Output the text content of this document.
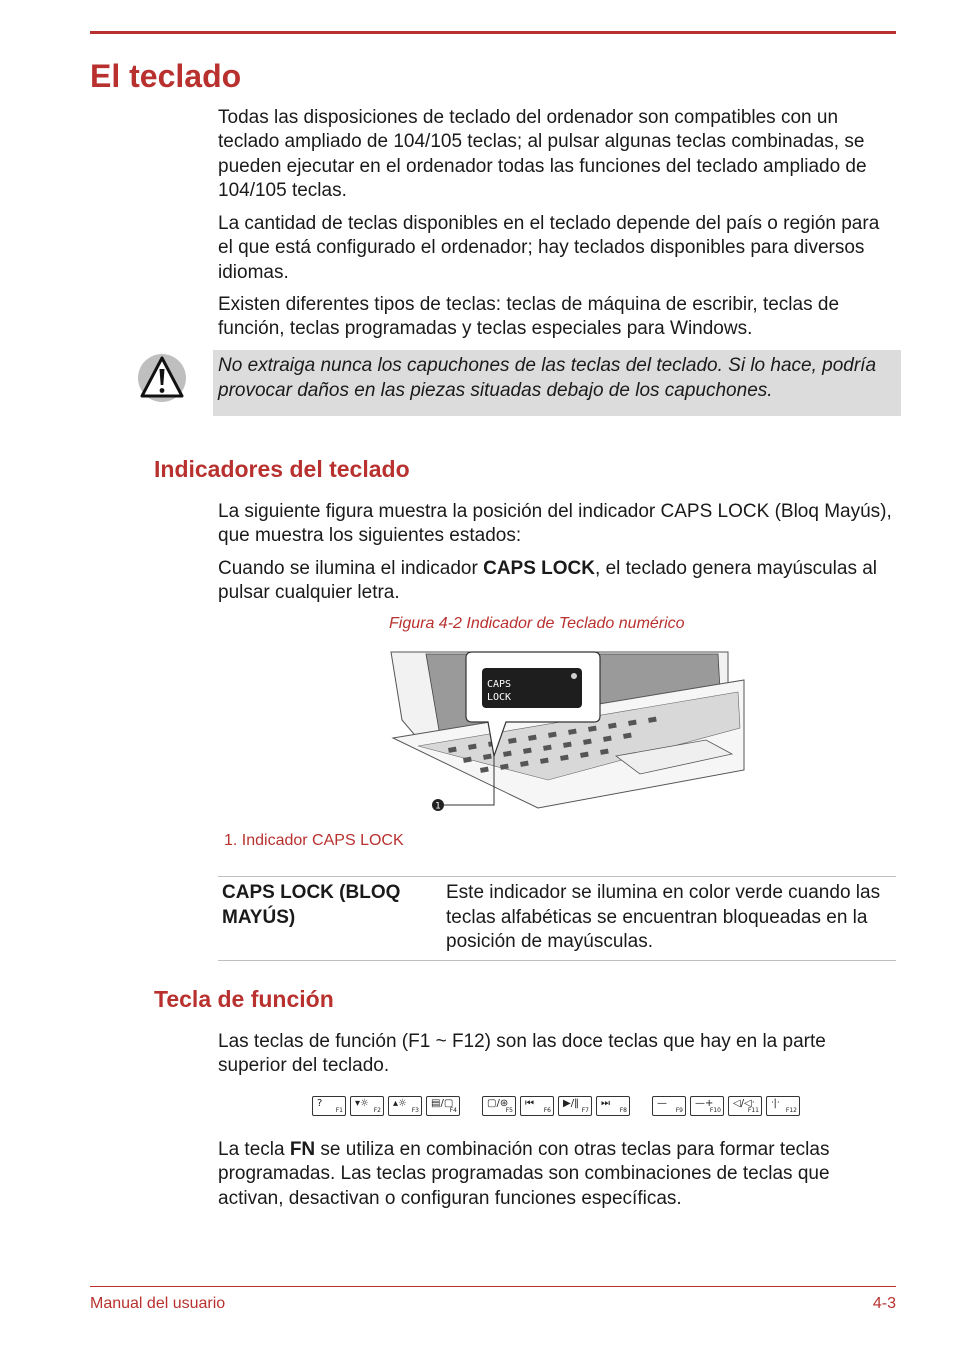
El teclado

Todas las disposiciones de teclado del ordenador son compatibles con un teclado ampliado de 104/105 teclas; al pulsar algunas teclas combinadas, se pueden ejecutar en el ordenador todas las funciones del teclado ampliado de 104/105 teclas.

La cantidad de teclas disponibles en el teclado depende del país o región para el que está configurado el ordenador; hay teclados disponibles para diversos idiomas.

Existen diferentes tipos de teclas: teclas de máquina de escribir, teclas de función, teclas programadas y teclas especiales para Windows.

No extraiga nunca los capuchones de las teclas del teclado. Si lo hace, podría provocar daños en las piezas situadas debajo de los capuchones.

Indicadores del teclado

La siguiente figura muestra la posición del indicador CAPS LOCK (Bloq Mayús), que muestra los siguientes estados:

Cuando se ilumina el indicador CAPS LOCK, el teclado genera mayúsculas al pulsar cualquier letra.

Figura 4-2 Indicador de Teclado numérico
CAPS
LOCK
1
1. Indicador CAPS LOCK
CAPS LOCK (BLOQ MAYÚS)
Este indicador se ilumina en color verde cuando las teclas alfabéticas se encuentran bloqueadas en la posición de mayúsculas.
Tecla de función

Las teclas de función (F1 ~ F12) son las doce teclas que hay en la parte superior del teclado.

?
F1
▾☼
F2
▴☼
F3
▤/▢
F4
▢/⊛
F5
⏮
F6
▶/‖
F7
⏭
F8
—
F9
—+
F10
◁/◁ᐧ
F11
ᐧ|ᐧ
F12

La tecla FN se utiliza en combinación con otras teclas para formar teclas programadas. Las teclas programadas son combinaciones de teclas que activan, desactivan o configuran funciones específicas.

Manual del usuario	4-3
